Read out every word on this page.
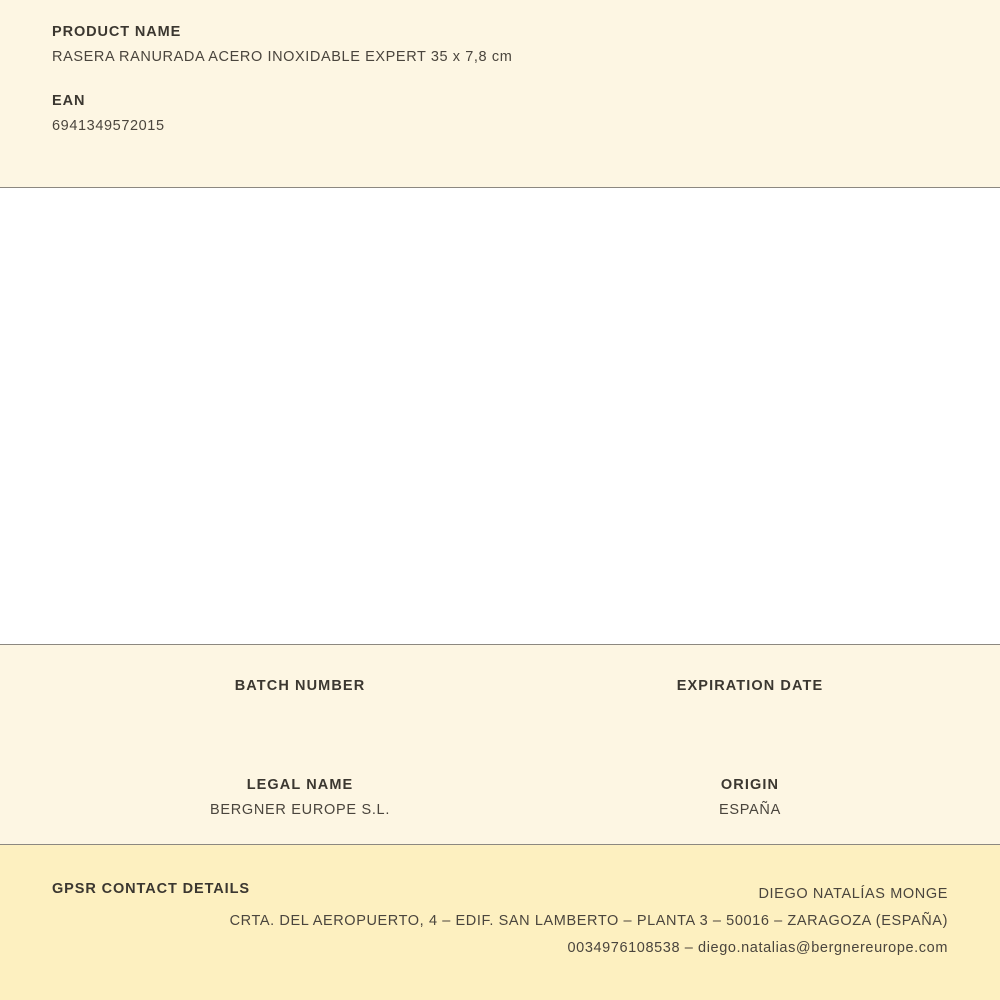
PRODUCT NAME

RASERA RANURADA ACERO INOXIDABLE EXPERT 35 x 7,8 cm

EAN

6941349572015

BATCH NUMBER	EXPIRATION DATE

LEGAL NAME

BERGNER EUROPE S.L.

ORIGIN

ESPAÑA

GPSR CONTACT DETAILS	DIEGO NATALÍAS MONGE
CRTA. DEL AEROPUERTO, 4 – EDIF. SAN LAMBERTO – PLANTA 3 – 50016 – ZARAGOZA (ESPAÑA)
0034976108538 – diego.natalias@bergnereurope.com
